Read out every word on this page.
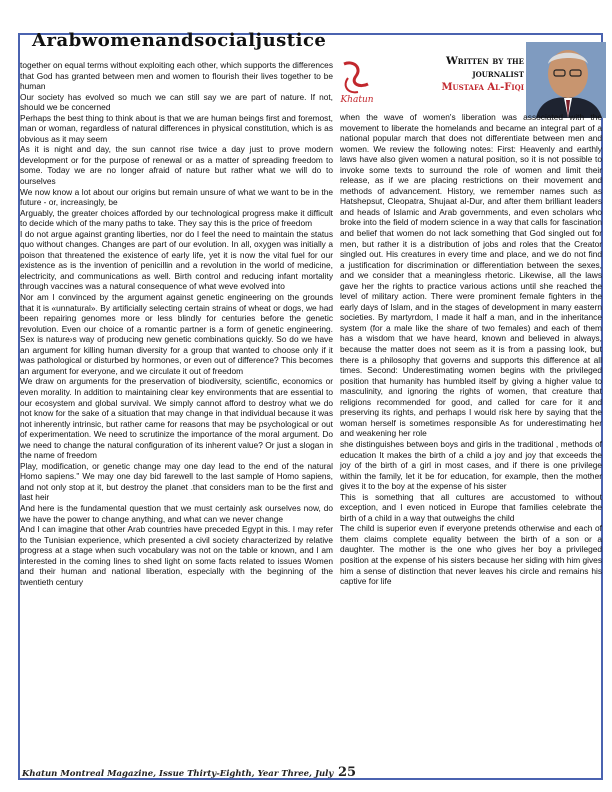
Arabwomenandsocialjustice
Khatun
Written by the
journalist
Mustafa Al-Fiqi

together on equal terms without exploiting each other, which supports the differences that God has granted between men and women to flourish their lives together to be human

Our society has evolved so much we can still say we are part of nature. If not, should we be concerned

Perhaps the best thing to think about is that we are human beings first and foremost, man or woman, regardless of natural differences in physical constitution, which is as obvious as it may seem

As it is night and day, the sun cannot rise twice a day just to prove modern development or for the purpose of renewal or as a matter of spreading freedom to some. Today we are no longer afraid of nature but rather what we will do to ourselves

We now know a lot about our origins but remain unsure of what we want to be in the future - or, increasingly, be

Arguably, the greater choices afforded by our technological progress make it difficult to decide which of the many paths to take. They say this is the price of freedom

I do not argue against granting liberties, nor do I feel the need to maintain the status quo without changes. Changes are part of our evolution. In all, oxygen was initially a poison that threatened the existence of early life, yet it is now the vital fuel for our existence as is the invention of penicillin and a revolution in the world of medicine, electricity, and communications as well. Birth control and reducing infant mortality through vaccines was a natural consequence of what weve evolved into

Nor am I convinced by the argument against genetic engineering on the grounds that it is «unnatural». By artificially selecting certain strains of wheat or dogs, we had been repairing genomes more or less blindly for centuries before the genetic revolution. Even our choice of a romantic partner is a form of genetic engineering. Sex is nature›s way of producing new genetic combinations quickly. So do we have an argument for killing human diversity for a group that wanted to choose only if it was pathological or disturbed by hormones, or even out of difference? This becomes an argument for everyone, and we circulate it out of freedom

We draw on arguments for the preservation of biodiversity, scientific, economics or even morality. In addition to maintaining clear key environments that are essential to our ecosystem and global survival. We simply cannot afford to destroy what we do not know for the sake of a situation that may change in that individual because it was not inherently intrinsic, but rather came for reasons that may be psychological or out of experimentation. We need to scrutinize the importance of the moral argument. Do we need to change the natural configuration of its inherent value? Or just a slogan in the name of freedom

Play, modification, or genetic change may one day lead to the end of the natural Homo sapiens." We may one day bid farewell to the last sample of Homo sapiens, and not only stop at it, but destroy the planet .that considers man to be the first and last heir

And here is the fundamental question that we must certainly ask ourselves now, do we have the power to change anything, and what can we never change

And I can imagine that other Arab countries have preceded Egypt in this. I may refer to the Tunisian experience, which presented a civil society characterized by relative progress at a stage when such vocabulary was not on the table or known, and I am interested in the coming lines to shed light on some facts related to issues Women and their human and national liberation, especially with the beginning of the twentieth century

when the wave of women's liberation was associated with the movement to liberate the homelands and became an integral part of a national popular march that does not differentiate between men and women. We review the following notes: First: Heavenly and earthly laws have also given women a natural position, so it is not possible to invoke some texts to surround the role of women and limit their release, as if we are placing restrictions on their movement and methods of advancement. History, we remember names such as Hatshepsut, Cleopatra, Shujaat al-Dur, and after them brilliant leaders and heads of Islamic and Arab governments, and even scholars who broke into the field of modern science in a way that calls for fascination and belief that women do not lack something that God singled out for men, but rather it is a distribution of jobs and roles that the Creator singled out. His creatures in every time and place, and we do not find a justification for discrimination or differentiation between the sexes, and we consider that a meaningless rhetoric. Likewise, all the laws gave her the rights to practice various actions until she reached the level of military action. There were prominent female fighters in the early days of Islam, and in the stages of development in many eastern societies. By martyrdom, I made it half a man, and in the inheritance system (for a male like the share of two females) and each of them has a wisdom that we have heard, known and believed in always, because the matter does not seem as it is from a passing look, but there is a philosophy that governs and supports this difference at all times. Second: Underestimating women begins with the privileged position that humanity has humbled itself by giving a higher value to masculinity, and ignoring the rights of women, that creature that religions recommended for good, and called for care for it and preserving its rights, and perhaps I would risk here by saying that the woman herself is sometimes responsible As for underestimating her and weakening her role

she distinguishes between boys and girls in the traditional , methods of education It makes the birth of a child a joy and joy that exceeds the joy of the birth of a girl in most cases, and if there is one privilege within the family, let it be for education, for example, then the mother gives it to the boy at the expense of his sister

This is something that all cultures are accustomed to without exception, and I even noticed in Europe that families celebrate the birth of a child in a way that outweighs the child

The child is superior even if everyone pretends otherwise and each of them claims complete equality between the birth of a son or a daughter. The mother is the one who gives her boy a privileged position at the expense of his sisters because her siding with him gives him a sense of distinction that never leaves his circle and remains his captive for life

Khatun Montreal Magazine, Issue Thirty-Eighth, Year Three, July 25
